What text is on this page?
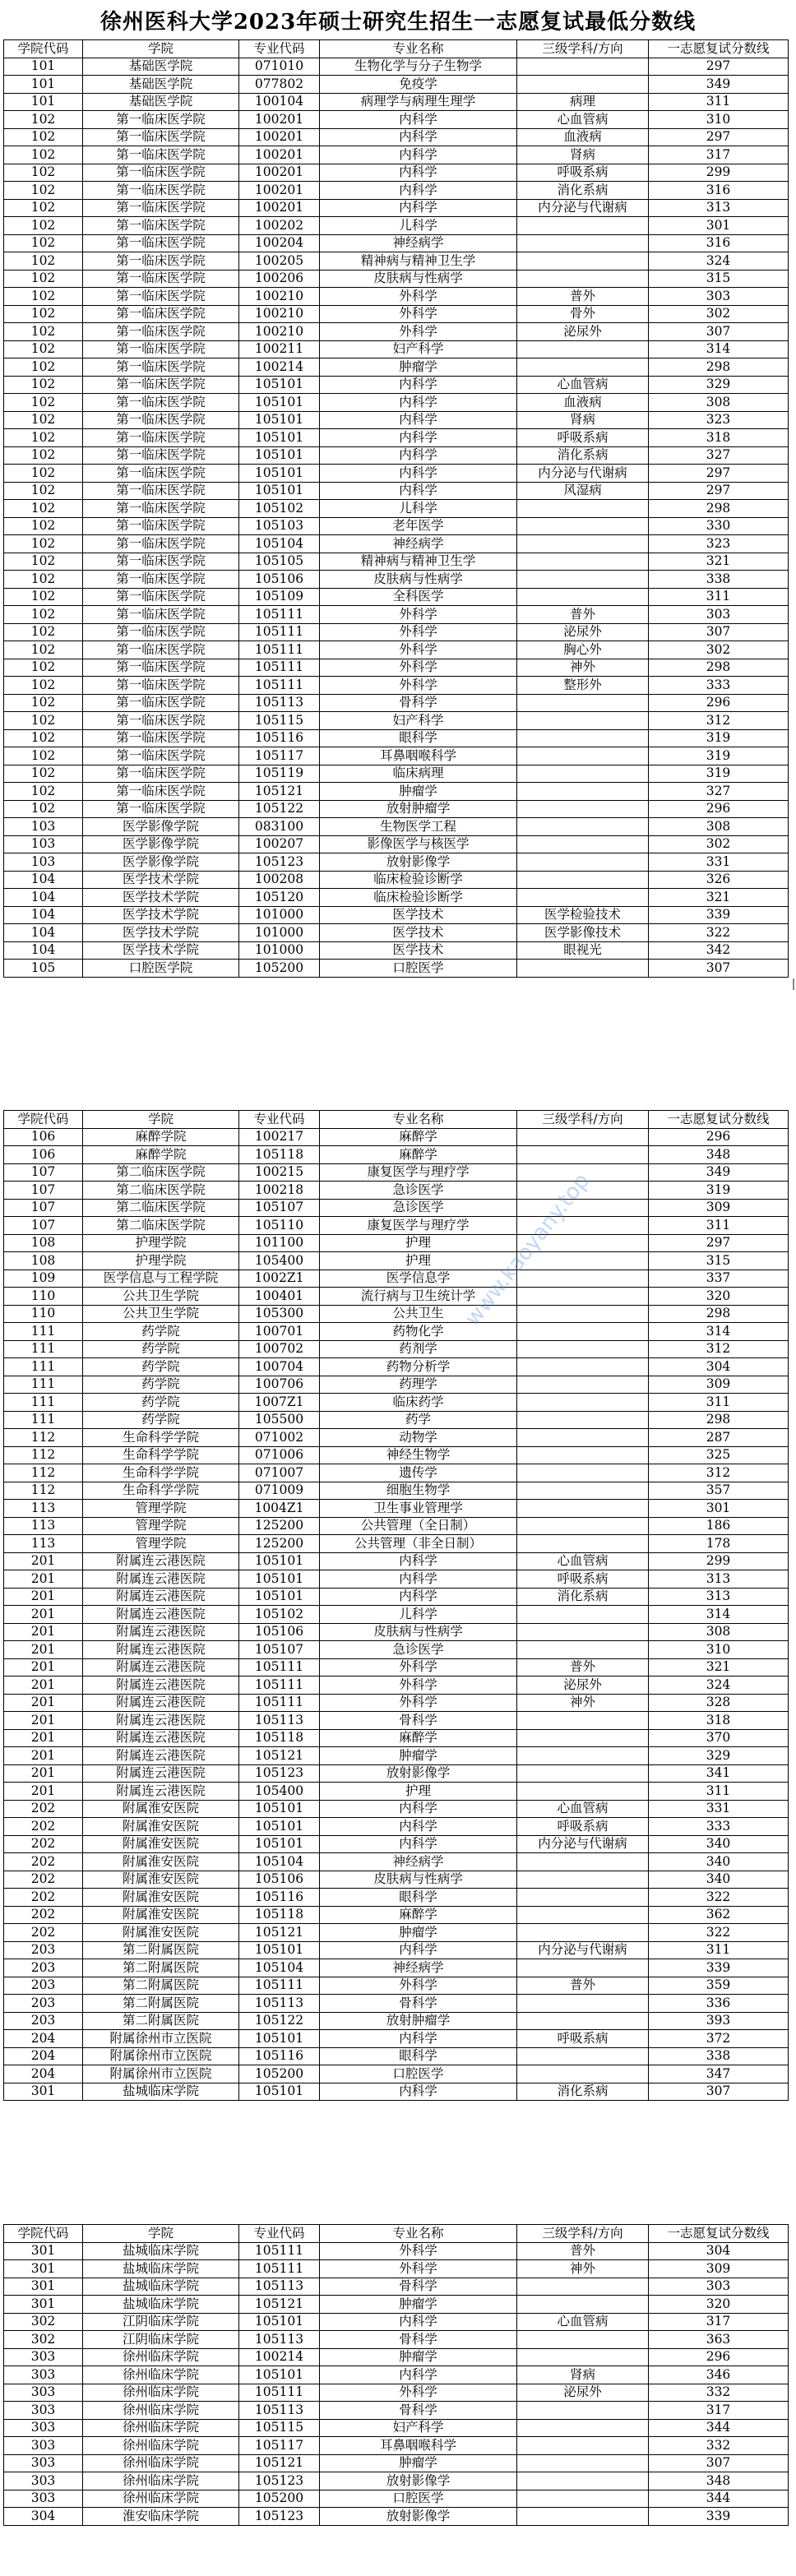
徐州医科大学2023年硕士研究生招生一志愿复试最低分数线
学院代码	学院	专业代码	专业名称	三级学科/方向	一志愿复试分数线
101	基础医学院	071010	生物化学与分子生物学		297
101	基础医学院	077802	免疫学		349
101	基础医学院	100104	病理学与病理生理学	病理	311
102	第一临床医学院	100201	内科学	心血管病	310
102	第一临床医学院	100201	内科学	血液病	297
102	第一临床医学院	100201	内科学	肾病	317
102	第一临床医学院	100201	内科学	呼吸系病	299
102	第一临床医学院	100201	内科学	消化系病	316
102	第一临床医学院	100201	内科学	内分泌与代谢病	313
102	第一临床医学院	100202	儿科学		301
102	第一临床医学院	100204	神经病学		316
102	第一临床医学院	100205	精神病与精神卫生学		324
102	第一临床医学院	100206	皮肤病与性病学		315
102	第一临床医学院	100210	外科学	普外	303
102	第一临床医学院	100210	外科学	骨外	302
102	第一临床医学院	100210	外科学	泌尿外	307
102	第一临床医学院	100211	妇产科学		314
102	第一临床医学院	100214	肿瘤学		298
102	第一临床医学院	105101	内科学	心血管病	329
102	第一临床医学院	105101	内科学	血液病	308
102	第一临床医学院	105101	内科学	肾病	323
102	第一临床医学院	105101	内科学	呼吸系病	318
102	第一临床医学院	105101	内科学	消化系病	327
102	第一临床医学院	105101	内科学	内分泌与代谢病	297
102	第一临床医学院	105101	内科学	风湿病	297
102	第一临床医学院	105102	儿科学		298
102	第一临床医学院	105103	老年医学		330
102	第一临床医学院	105104	神经病学		323
102	第一临床医学院	105105	精神病与精神卫生学		321
102	第一临床医学院	105106	皮肤病与性病学		338
102	第一临床医学院	105109	全科医学		311
102	第一临床医学院	105111	外科学	普外	303
102	第一临床医学院	105111	外科学	泌尿外	307
102	第一临床医学院	105111	外科学	胸心外	302
102	第一临床医学院	105111	外科学	神外	298
102	第一临床医学院	105111	外科学	整形外	333
102	第一临床医学院	105113	骨科学		296
102	第一临床医学院	105115	妇产科学		312
102	第一临床医学院	105116	眼科学		319
102	第一临床医学院	105117	耳鼻咽喉科学		319
102	第一临床医学院	105119	临床病理		319
102	第一临床医学院	105121	肿瘤学		327
102	第一临床医学院	105122	放射肿瘤学		296
103	医学影像学院	083100	生物医学工程		308
103	医学影像学院	100207	影像医学与核医学		302
103	医学影像学院	105123	放射影像学		331
104	医学技术学院	100208	临床检验诊断学		326
104	医学技术学院	105120	临床检验诊断学		321
104	医学技术学院	101000	医学技术	医学检验技术	339
104	医学技术学院	101000	医学技术	医学影像技术	322
104	医学技术学院	101000	医学技术	眼视光	342
105	口腔医学院	105200	口腔医学		307
学院代码	学院	专业代码	专业名称	三级学科/方向	一志愿复试分数线
106	麻醉学院	100217	麻醉学		296
106	麻醉学院	105118	麻醉学		348
107	第二临床医学院	100215	康复医学与理疗学		349
107	第二临床医学院	100218	急诊医学		319
107	第二临床医学院	105107	急诊医学		309
107	第二临床医学院	105110	康复医学与理疗学		311
108	护理学院	101100	护理		297
108	护理学院	105400	护理		315
109	医学信息与工程学院	1002Z1	医学信息学		337
110	公共卫生学院	100401	流行病与卫生统计学		320
110	公共卫生学院	105300	公共卫生		298
111	药学院	100701	药物化学		314
111	药学院	100702	药剂学		312
111	药学院	100704	药物分析学		304
111	药学院	100706	药理学		309
111	药学院	1007Z1	临床药学		311
111	药学院	105500	药学		298
112	生命科学学院	071002	动物学		287
112	生命科学学院	071006	神经生物学		325
112	生命科学学院	071007	遗传学		312
112	生命科学学院	071009	细胞生物学		357
113	管理学院	1004Z1	卫生事业管理学		301
113	管理学院	125200	公共管理（全日制）		186
113	管理学院	125200	公共管理（非全日制）		178
201	附属连云港医院	105101	内科学	心血管病	299
201	附属连云港医院	105101	内科学	呼吸系病	313
201	附属连云港医院	105101	内科学	消化系病	313
201	附属连云港医院	105102	儿科学		314
201	附属连云港医院	105106	皮肤病与性病学		308
201	附属连云港医院	105107	急诊医学		310
201	附属连云港医院	105111	外科学	普外	321
201	附属连云港医院	105111	外科学	泌尿外	324
201	附属连云港医院	105111	外科学	神外	328
201	附属连云港医院	105113	骨科学		318
201	附属连云港医院	105118	麻醉学		370
201	附属连云港医院	105121	肿瘤学		329
201	附属连云港医院	105123	放射影像学		341
201	附属连云港医院	105400	护理		311
202	附属淮安医院	105101	内科学	心血管病	331
202	附属淮安医院	105101	内科学	呼吸系病	333
202	附属淮安医院	105101	内科学	内分泌与代谢病	340
202	附属淮安医院	105104	神经病学		340
202	附属淮安医院	105106	皮肤病与性病学		340
202	附属淮安医院	105116	眼科学		322
202	附属淮安医院	105118	麻醉学		362
202	附属淮安医院	105121	肿瘤学		322
203	第二附属医院	105101	内科学	内分泌与代谢病	311
203	第二附属医院	105104	神经病学		339
203	第二附属医院	105111	外科学	普外	359
203	第二附属医院	105113	骨科学		336
203	第二附属医院	105122	放射肿瘤学		393
204	附属徐州市立医院	105101	内科学	呼吸系病	372
204	附属徐州市立医院	105116	眼科学		338
204	附属徐州市立医院	105200	口腔医学		347
301	盐城临床学院	105101	内科学	消化系病	307
学院代码	学院	专业代码	专业名称	三级学科/方向	一志愿复试分数线
301	盐城临床学院	105111	外科学	普外	304
301	盐城临床学院	105111	外科学	神外	309
301	盐城临床学院	105113	骨科学		303
301	盐城临床学院	105121	肿瘤学		320
302	江阴临床学院	105101	内科学	心血管病	317
302	江阴临床学院	105113	骨科学		363
303	徐州临床学院	100214	肿瘤学		296
303	徐州临床学院	105101	内科学	肾病	346
303	徐州临床学院	105111	外科学	泌尿外	332
303	徐州临床学院	105113	骨科学		317
303	徐州临床学院	105115	妇产科学		344
303	徐州临床学院	105117	耳鼻咽喉科学		332
303	徐州临床学院	105121	肿瘤学		307
303	徐州临床学院	105123	放射影像学		348
303	徐州临床学院	105200	口腔医学		344
304	淮安临床学院	105123	放射影像学		339
www.kaoyany.top
